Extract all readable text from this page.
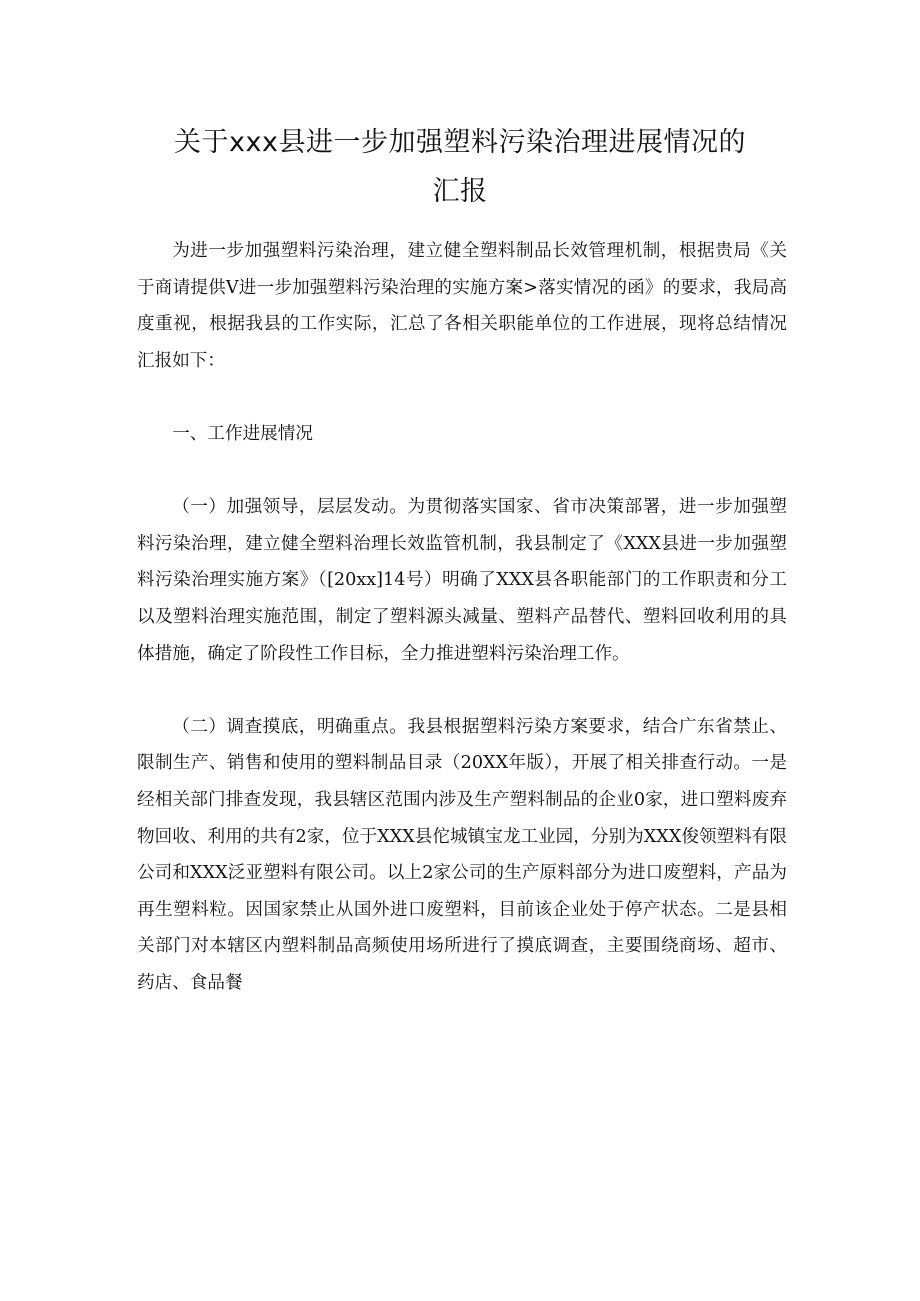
关于xxx县进一步加强塑料污染治理进展情况的
汇报

为进一步加强塑料污染治理，建立健全塑料制品长效管理机制，根据贵局《关于商请提供V进一步加强塑料污染治理的实施方案>落实情况的函》的要求，我局高度重视，根据我县的工作实际，汇总了各相关职能单位的工作进展，现将总结情况汇报如下：

一、工作进展情况

（一）加强领导，层层发动。为贯彻落实国家、省市决策部署，进一步加强塑料污染治理，建立健全塑料治理长效监管机制，我县制定了《XXX县进一步加强塑料污染治理实施方案》（[20xx]14号）明确了XXX县各职能部门的工作职责和分工以及塑料治理实施范围，制定了塑料源头减量、塑料产品替代、塑料回收利用的具体措施，确定了阶段性工作目标，全力推进塑料污染治理工作。

（二）调查摸底，明确重点。我县根据塑料污染方案要求，结合广东省禁止、限制生产、销售和使用的塑料制品目录（20XX年版），开展了相关排查行动。一是经相关部门排查发现，我县辖区范围内涉及生产塑料制品的企业0家，进口塑料废弃物回收、利用的共有2家，位于XXX县佗城镇宝龙工业园，分别为XXX俊领塑料有限公司和XXX泛亚塑料有限公司。以上2家公司的生产原料部分为进口废塑料，产品为再生塑料粒。因国家禁止从国外进口废塑料，目前该企业处于停产状态。二是县相关部门对本辖区内塑料制品高频使用场所进行了摸底调查，主要围绕商场、超市、药店、食品餐
